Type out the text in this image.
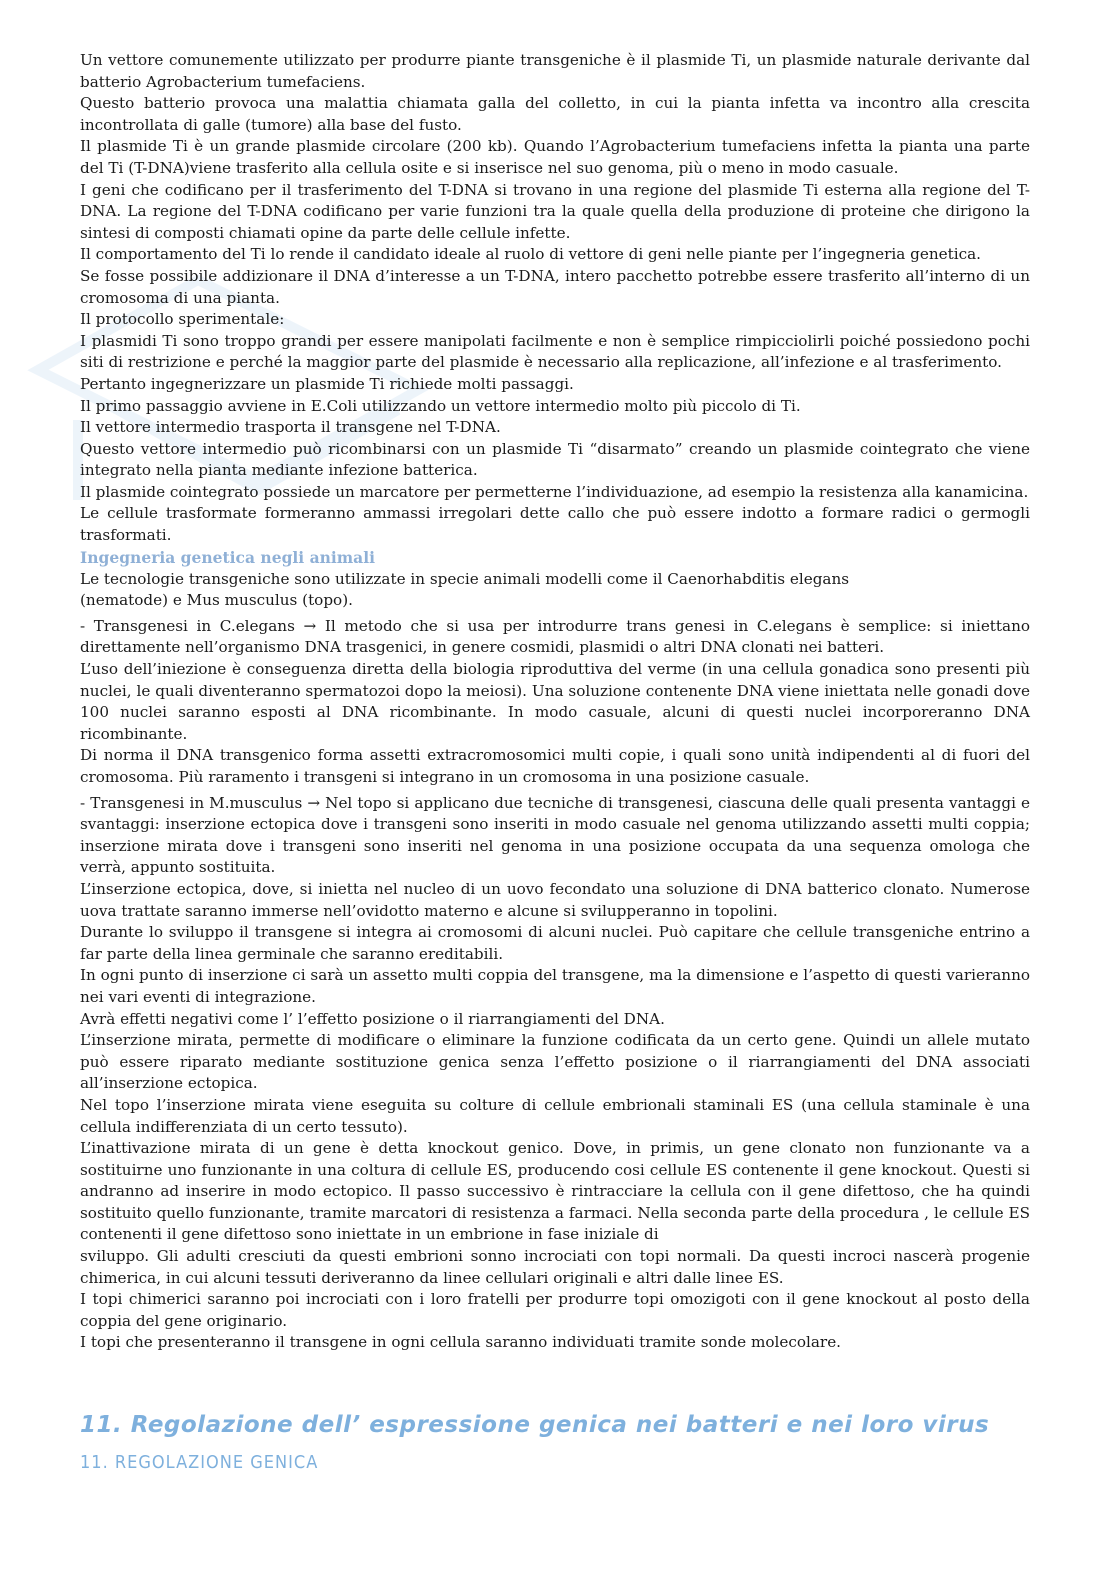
Un vettore comunemente utilizzato per produrre piante transgeniche è il plasmide Ti, un plasmide naturale derivante dal batterio Agrobacterium tumefaciens.

Questo batterio provoca una malattia chiamata galla del colletto, in cui la pianta infetta va incontro alla crescita incontrollata di galle (tumore) alla base del fusto.

Il plasmide Ti è un grande plasmide circolare (200 kb). Quando l’Agrobacterium tumefaciens infetta la pianta una parte del Ti (T-DNA)viene trasferito alla cellula osite e si inserisce nel suo genoma, più o meno in modo casuale.

I geni che codificano per il trasferimento del T-DNA si trovano in una regione del plasmide Ti esterna alla regione del T-DNA. La regione del T-DNA codificano per varie funzioni tra la quale quella della produzione di proteine che dirigono la sintesi di composti chiamati opine da parte delle cellule infette.

Il comportamento del Ti lo rende il candidato ideale al ruolo di vettore di geni nelle piante per l’ingegneria genetica.

Se fosse possibile addizionare il DNA d’interesse a un T-DNA, intero pacchetto potrebbe essere trasferito all’interno di un cromosoma di una pianta.

Il protocollo sperimentale:

I plasmidi Ti sono troppo grandi per essere manipolati facilmente e non è semplice rimpicciolirli poiché possiedono pochi siti di restrizione e perché la maggior parte del plasmide è necessario alla replicazione, all’infezione e al trasferimento.

Pertanto ingegnerizzare un plasmide Ti richiede molti passaggi.

Il primo passaggio avviene in E.Coli utilizzando un vettore intermedio molto più piccolo di Ti.

Il vettore intermedio trasporta il transgene nel T-DNA.

Questo vettore intermedio può ricombinarsi con un plasmide Ti “disarmato” creando un plasmide cointegrato che viene integrato nella pianta mediante infezione batterica.

Il plasmide cointegrato possiede un marcatore per permetterne l’individuazione, ad esempio la resistenza alla kanamicina.

Le cellule trasformate formeranno ammassi irregolari dette callo che può essere indotto a formare radici o germogli trasformati.

Ingegneria genetica negli animali

Le tecnologie transgeniche sono utilizzate in specie animali modelli come il Caenorhabditis elegans

(nematode) e Mus musculus (topo).

- Transgenesi in C.elegans → Il metodo che si usa per introdurre trans genesi in C.elegans è semplice: si iniettano direttamente nell’organismo DNA trasgenici, in genere cosmidi, plasmidi o altri DNA clonati nei batteri.

L’uso dell’iniezione è conseguenza diretta della biologia riproduttiva del verme (in una cellula gonadica sono presenti più nuclei, le quali diventeranno spermatozoi dopo la meiosi). Una soluzione contenente DNA viene iniettata nelle gonadi dove 100 nuclei saranno esposti al DNA ricombinante. In modo casuale, alcuni di questi nuclei incorporeranno DNA ricombinante.

Di norma il DNA transgenico forma assetti extracromosomici multi copie, i quali sono unità indipendenti al di fuori del cromosoma. Più raramento i transgeni si integrano in un cromosoma in una posizione casuale.

- Transgenesi in M.musculus → Nel topo si applicano due tecniche di transgenesi, ciascuna delle quali presenta vantaggi e svantaggi: inserzione ectopica dove i transgeni sono inseriti in modo casuale nel genoma utilizzando assetti multi coppia; inserzione mirata dove i transgeni sono inseriti nel genoma in una posizione occupata da una sequenza omologa che verrà, appunto sostituita.

L’inserzione ectopica, dove, si inietta nel nucleo di un uovo fecondato una soluzione di DNA batterico clonato. Numerose uova trattate saranno immerse nell’ovidotto materno e alcune si svilupperanno in topolini.

Durante lo sviluppo il transgene si integra ai cromosomi di alcuni nuclei. Può capitare che cellule transgeniche entrino a far parte della linea germinale che saranno ereditabili.

In ogni punto di inserzione ci sarà un assetto multi coppia del transgene, ma la dimensione e l’aspetto di questi varieranno nei vari eventi di integrazione.

Avrà effetti negativi come l’ l’effetto posizione o il riarrangiamenti del DNA.

L’inserzione mirata, permette di modificare o eliminare la funzione codificata da un certo gene. Quindi un allele mutato può essere riparato mediante sostituzione genica senza l’effetto posizione o il riarrangiamenti del DNA associati all’inserzione ectopica.

Nel topo l’inserzione mirata viene eseguita su colture di cellule embrionali staminali ES (una cellula staminale è una cellula indifferenziata di un certo tessuto).

L’inattivazione mirata di un gene è detta knockout genico. Dove, in primis, un gene clonato non funzionante va a sostituirne uno funzionante in una coltura di cellule ES, producendo cosi cellule ES contenente il gene knockout. Questi si andranno ad inserire in modo ectopico. Il passo successivo è rintracciare la cellula con il gene difettoso, che ha quindi sostituito quello funzionante, tramite marcatori di resistenza a farmaci. Nella seconda parte della procedura , le cellule ES contenenti il gene difettoso sono iniettate in un embrione in fase iniziale di

sviluppo. Gli adulti cresciuti da questi embrioni sonno incrociati con topi normali. Da questi incroci nascerà progenie chimerica, in cui alcuni tessuti deriveranno da linee cellulari originali e altri dalle linee ES.

I topi chimerici saranno poi incrociati con i loro fratelli per produrre topi omozigoti con il gene knockout al posto della coppia del gene originario.

I topi che presenteranno il transgene in ogni cellula saranno individuati tramite sonde molecolare.

11. Regolazione dell’ espressione genica nei batteri e nei loro virus
11. REGOLAZIONE GENICA
